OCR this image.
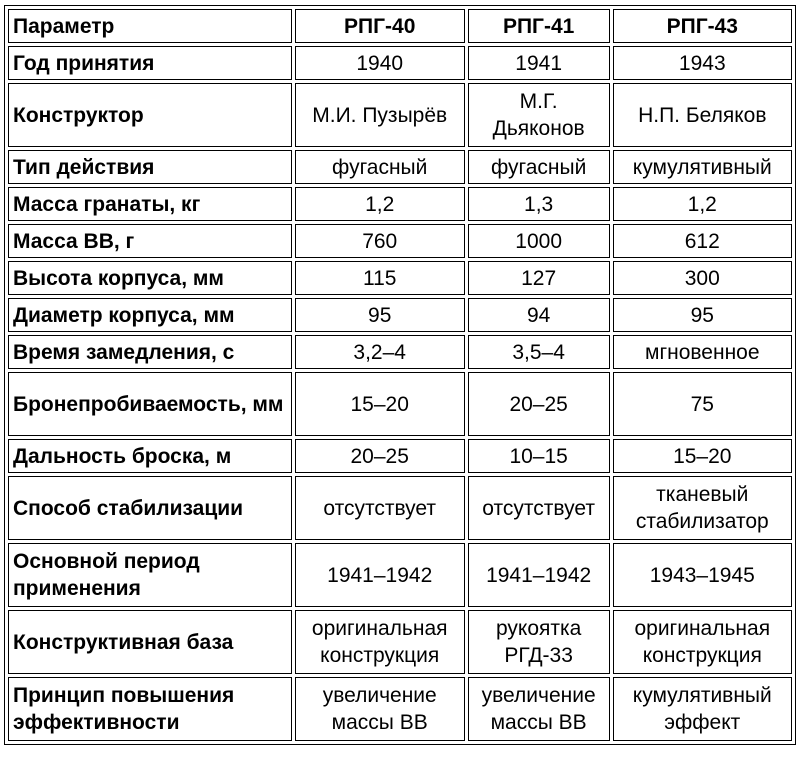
Параметр	РПГ-40	РПГ-41	РПГ-43
Год принятия	1940	1941	1943
Конструктор	М.И. Пузырёв	М.Г. Дьяконов	Н.П. Беляков
Тип действия	фугасный	фугасный	кумулятивный
Масса гранаты, кг	1,2	1,3	1,2
Масса ВВ, г	760	1000	612
Высота корпуса, мм	115	127	300
Диаметр корпуса, мм	95	94	95
Время замедления, с	3,2–4	3,5–4	мгновенное
Бронепробиваемость, мм	15–20	20–25	75
Дальность броска, м	20–25	10–15	15–20
Способ стабилизации	отсутствует	отсутствует	тканевый стабилизатор
Основной период применения	1941–1942	1941–1942	1943–1945
Конструктивная база	оригинальная конструкция	рукоятка РГД-33	оригинальная конструкция
Принцип повышения эффективности	увеличение массы ВВ	увеличение массы ВВ	кумулятивный эффект
